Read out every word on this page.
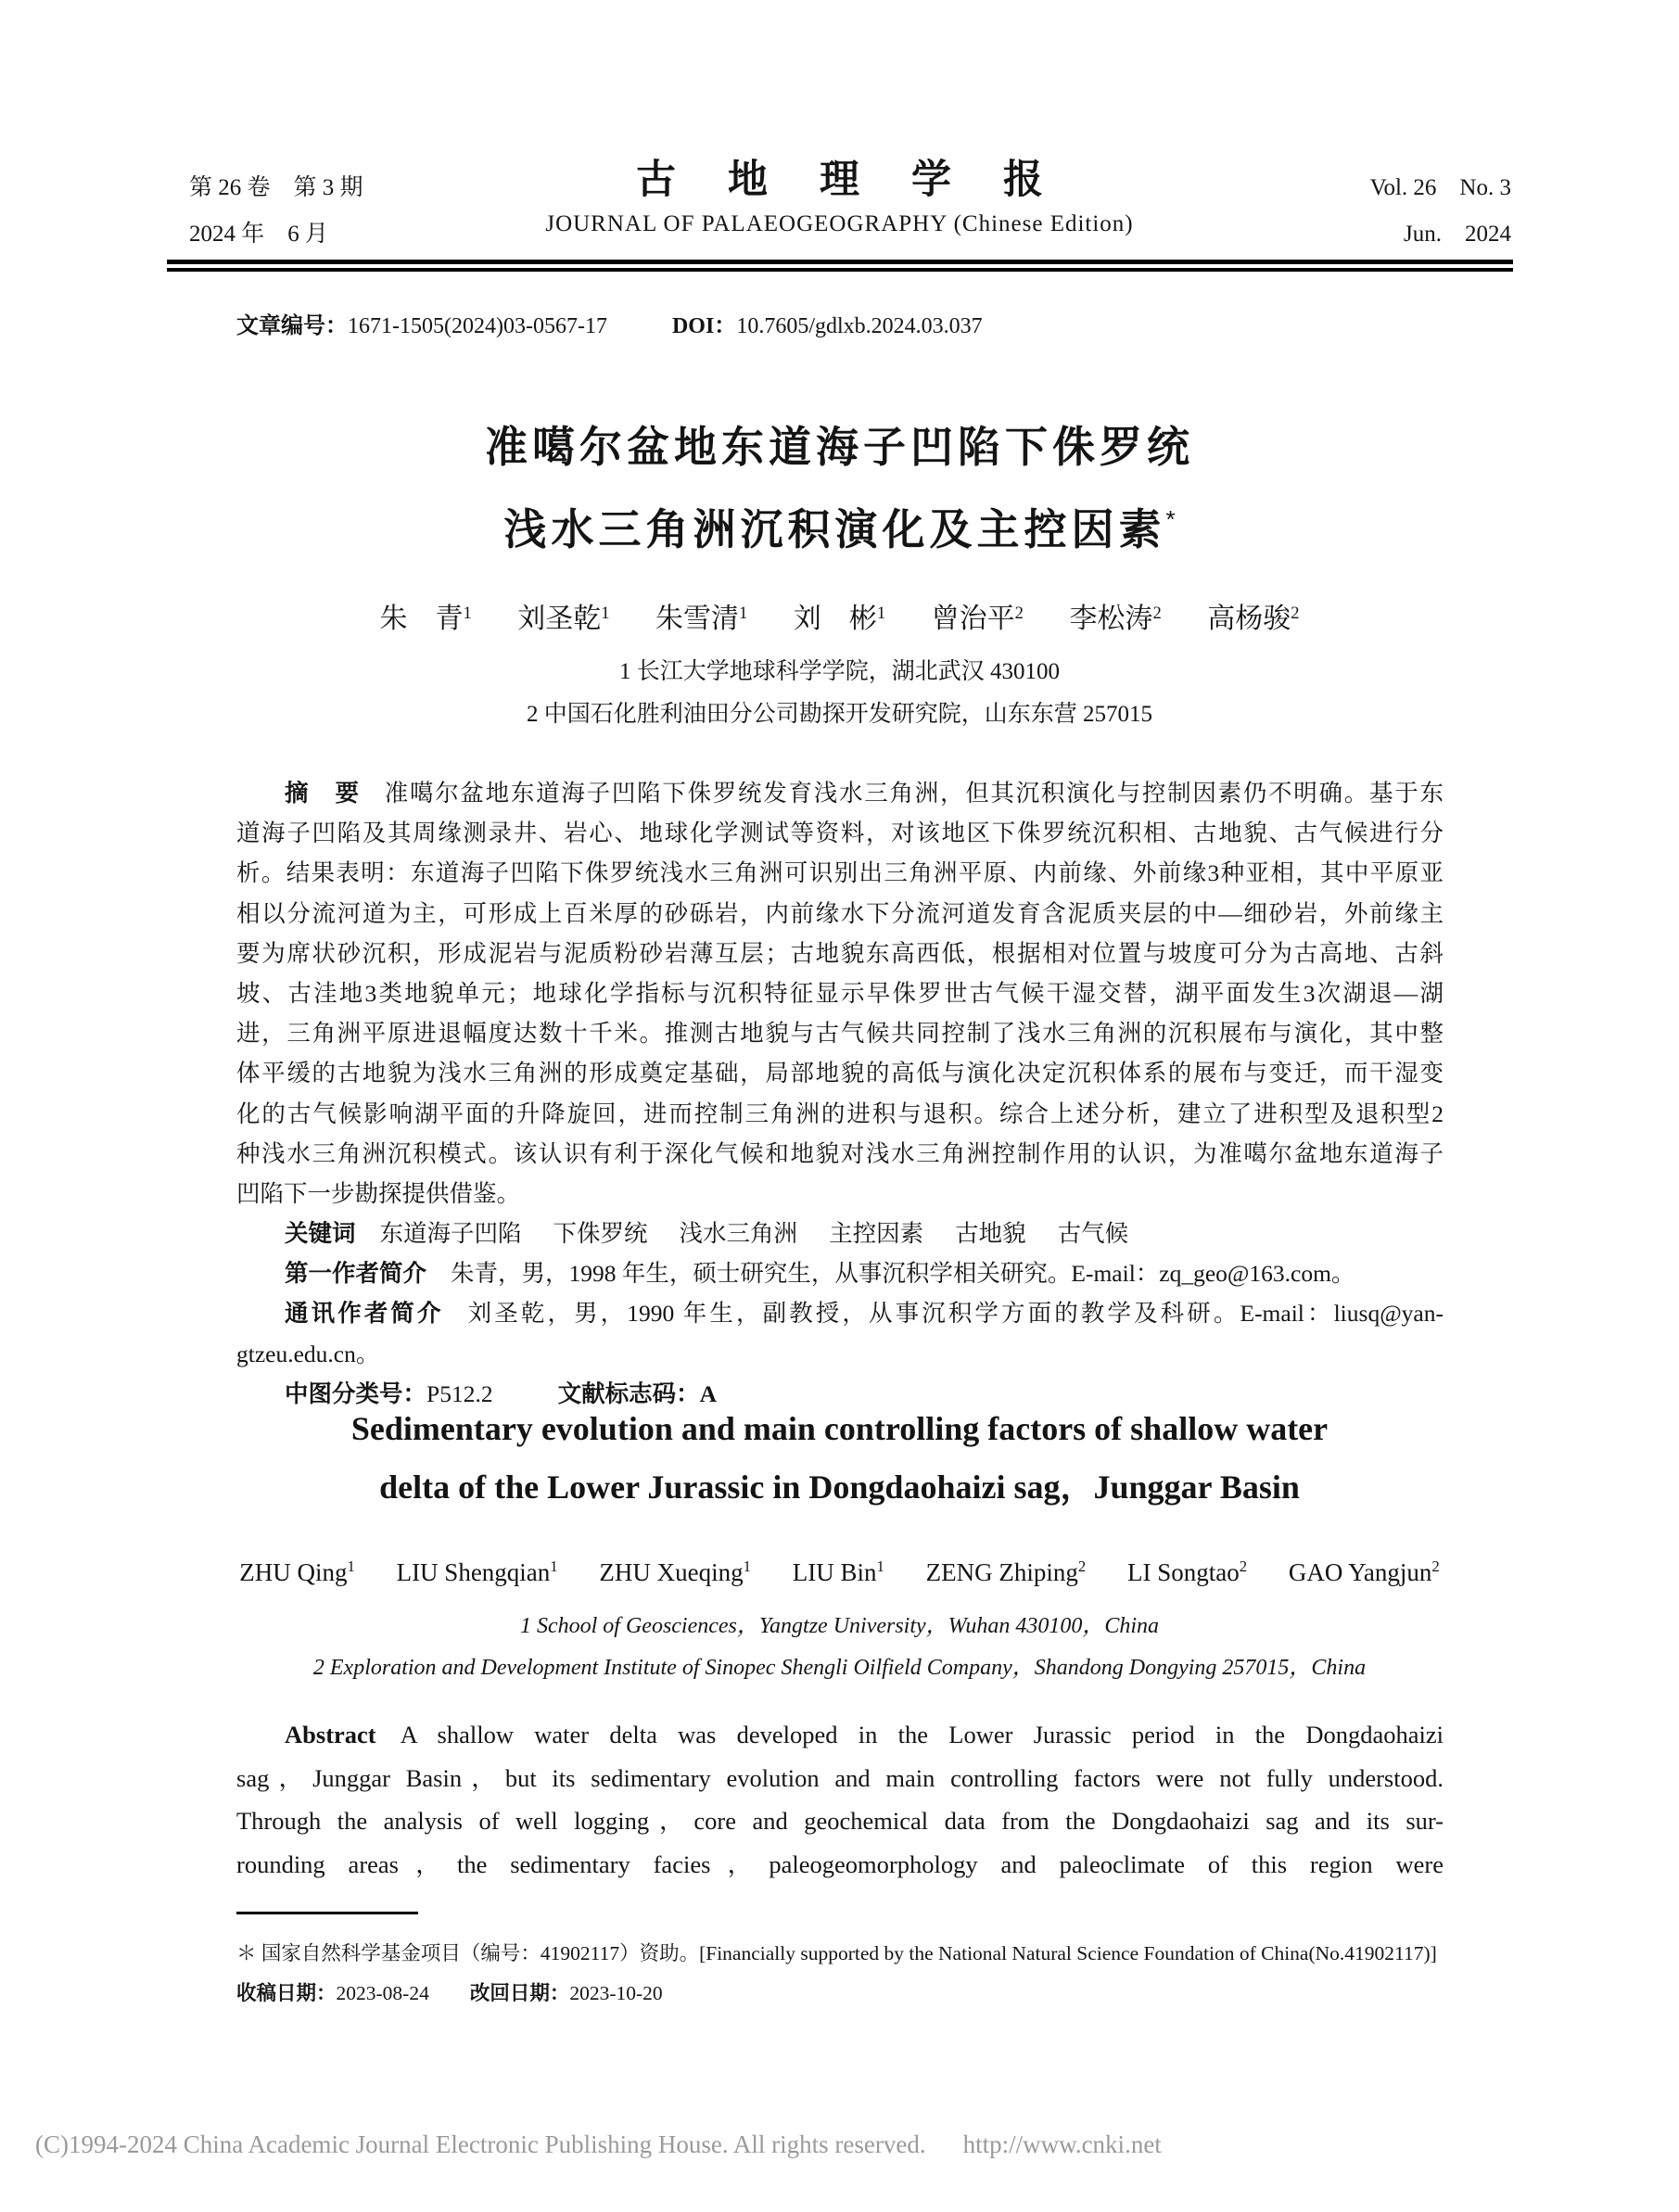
第 26 卷　第 3 期
2024 年　6 月
古地理学报
JOURNAL OF PALAEOGEOGRAPHY (Chinese Edition)
Vol. 26　No. 3
Jun.　2024
文章编号：1671-1505(2024)03-0567-17	DOI：10.7605/gdlxb.2024.03.037
准噶尔盆地东道海子凹陷下侏罗统
浅水三角洲沉积演化及主控因素*
朱　青$^1$ 刘圣乾$^1$ 朱雪清$^1$ 刘　彬$^1$ 曾治平$^2$ 李松涛$^2$ 高杨骏$^2$
1 长江大学地球科学学院，湖北武汉 430100
2 中国石化胜利油田分公司勘探开发研究院，山东东营 257015
摘　要 准噶尔盆地东道海子凹陷下侏罗统发育浅水三角洲，但其沉积演化与控制因素仍不明确。基于东
道海子凹陷及其周缘测录井、岩心、地球化学测试等资料，对该地区下侏罗统沉积相、古地貌、古气候进行分
析。结果表明：东道海子凹陷下侏罗统浅水三角洲可识别出三角洲平原、内前缘、外前缘3种亚相，其中平原亚
相以分流河道为主，可形成上百米厚的砂砾岩，内前缘水下分流河道发育含泥质夹层的中—细砂岩，外前缘主
要为席状砂沉积，形成泥岩与泥质粉砂岩薄互层；古地貌东高西低，根据相对位置与坡度可分为古高地、古斜
坡、古洼地3类地貌单元；地球化学指标与沉积特征显示早侏罗世古气候干湿交替，湖平面发生3次湖退—湖
进，三角洲平原进退幅度达数十千米。推测古地貌与古气候共同控制了浅水三角洲的沉积展布与演化，其中整
体平缓的古地貌为浅水三角洲的形成奠定基础，局部地貌的高低与演化决定沉积体系的展布与变迁，而干湿变
化的古气候影响湖平面的升降旋回，进而控制三角洲的进积与退积。综合上述分析，建立了进积型及退积型2
种浅水三角洲沉积模式。该认识有利于深化气候和地貌对浅水三角洲控制作用的认识，为准噶尔盆地东道海子
凹陷下一步勘探提供借鉴。
关键词 东道海子凹陷 下侏罗统 浅水三角洲 主控因素 古地貌 古气候
第一作者简介 朱青，男，1998 年生，硕士研究生，从事沉积学相关研究。E-mail：zq_geo@163.com。
通讯作者简介 刘圣乾，男，1990 年生，副教授，从事沉积学方面的教学及科研。E-mail：liusq@yan-
gtzeu.edu.cn。
中图分类号：P512.2	文献标志码：A
Sedimentary evolution and main controlling factors of shallow water
delta of the Lower Jurassic in Dongdaohaizi sag，Junggar Basin
ZHU Qing$^1$ LIU Shengqian$^1$ ZHU Xueqing$^1$ LIU Bin$^1$ ZENG Zhiping$^2$ LI Songtao$^2$ GAO Yangjun$^2$
1 School of Geosciences，Yangtze University，Wuhan 430100，China
2 Exploration and Development Institute of Sinopec Shengli Oilfield Company，Shandong Dongying 257015，China
Abstract A shallow water delta was developed in the Lower Jurassic period in the Dongdaohaizi
sag，Junggar Basin，but its sedimentary evolution and main controlling factors were not fully understood.
Through the analysis of well logging，core and geochemical data from the Dongdaohaizi sag and its sur-
rounding areas，the sedimentary facies，paleogeomorphology and paleoclimate of this region were
＊ 国家自然科学基金项目（编号：41902117）资助。[Financially supported by the National Natural Science Foundation of China(No.41902117)]
收稿日期：2023-08-24 改回日期：2023-10-20
(C)1994-2024 China Academic Journal Electronic Publishing House. All rights reserved. http://www.cnki.net
